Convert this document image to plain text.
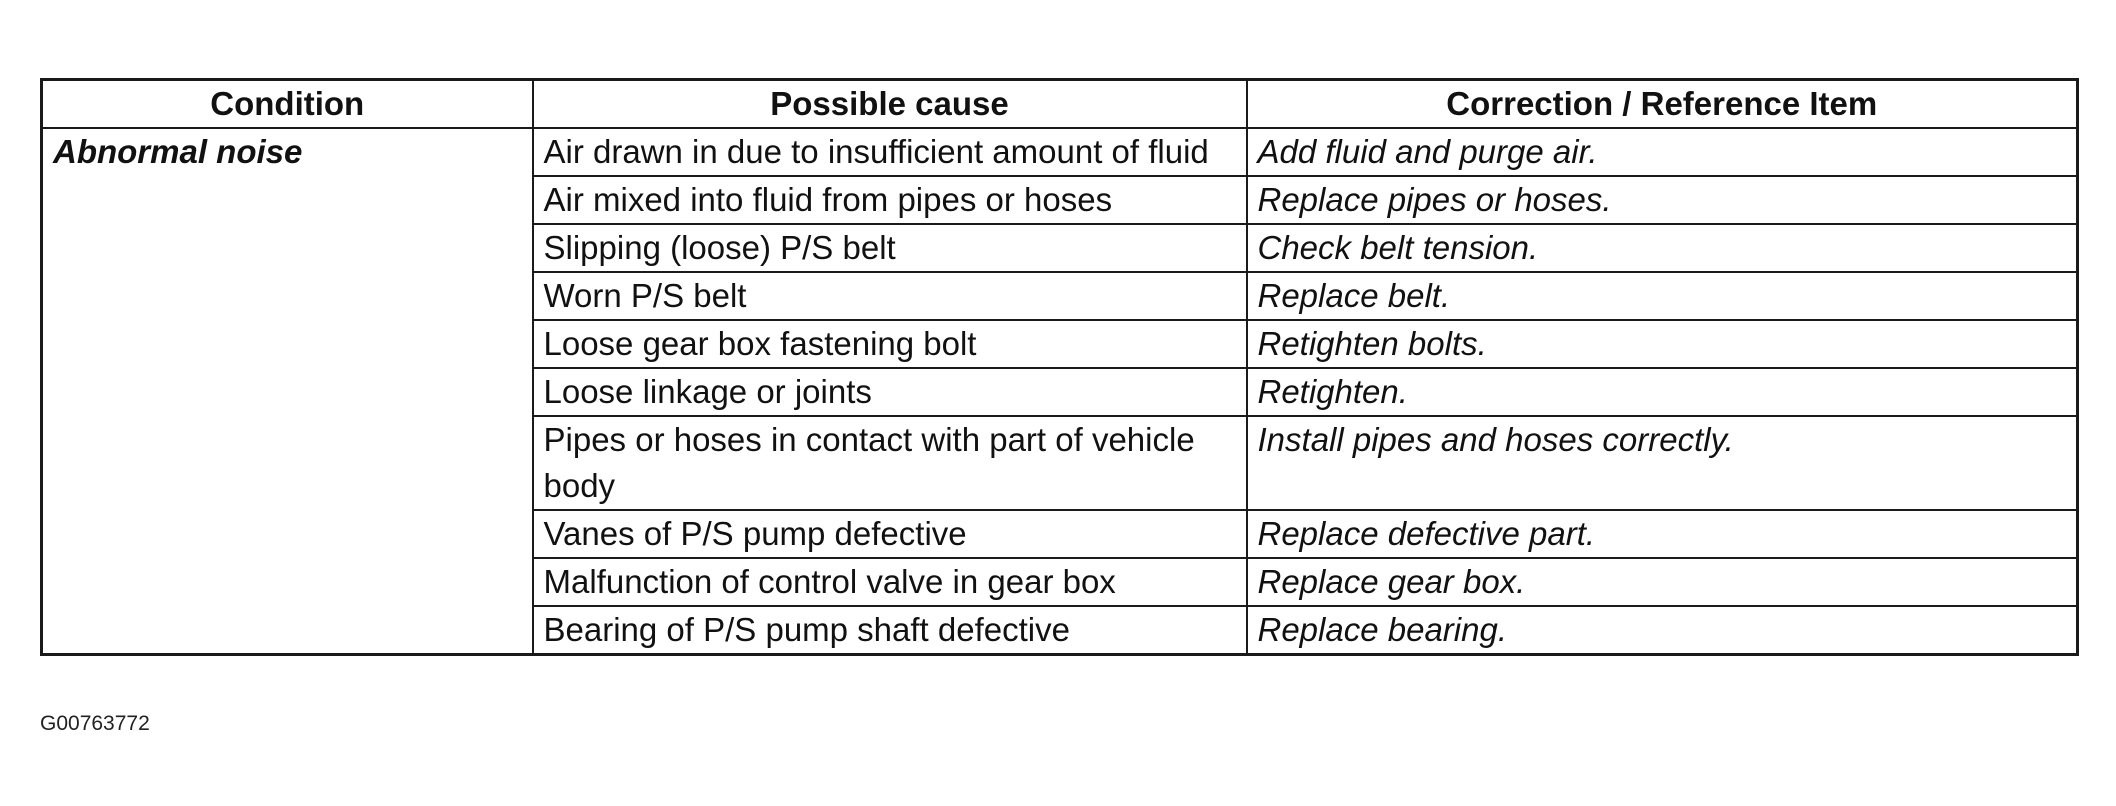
Condition	Possible cause	Correction / Reference Item
Abnormal noise	Air drawn in due to insufficient amount of fluid	Add fluid and purge air.
	Air mixed into fluid from pipes or hoses	Replace pipes or hoses.
	Slipping (loose) P/S belt	Check belt tension.
	Worn P/S belt	Replace belt.
	Loose gear box fastening bolt	Retighten bolts.
	Loose linkage or joints	Retighten.
	Pipes or hoses in contact with part of vehicle body	Install pipes and hoses correctly.
	Vanes of P/S pump defective	Replace defective part.
	Malfunction of control valve in gear box	Replace gear box.
	Bearing of P/S pump shaft defective	Replace bearing.
G00763772
